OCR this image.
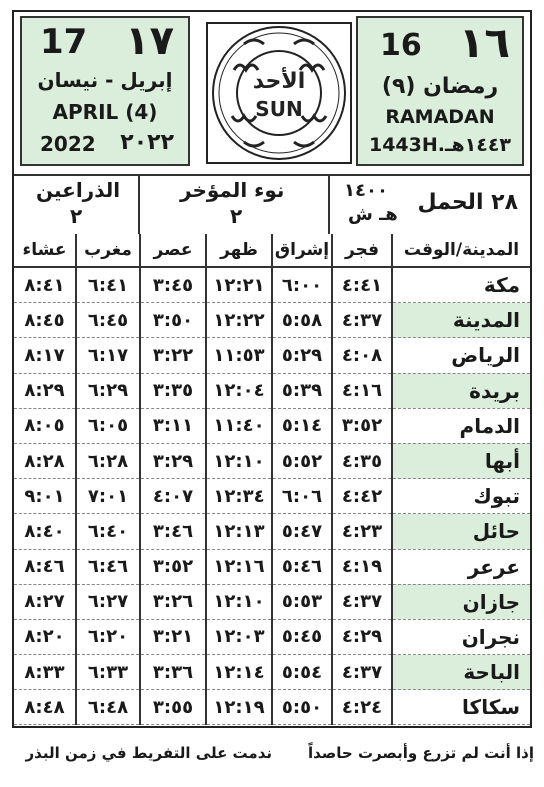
17 ١٧
إبريل - نيسان
APRIL (4)
2022 ٢٠٢٢
الأحد
SUN
16 ١٦
رمضان (٩)
RAMADAN
1443H.١٤٤٣هـ
الذراعين
٢
نوء المؤخر
٢
١٤٠٠
هـ ش ٢٨ الحمل
عشاء	مغرب	عصر	ظهر	إشراق	فجر	المدينة/الوقت
٨:٤١	٦:٤١	٣:٤٥	١٢:٢١	٦:٠٠	٤:٤١	مكة
٨:٤٥	٦:٤٥	٣:٥٠	١٢:٢٢	٥:٥٨	٤:٣٧	المدينة
٨:١٧	٦:١٧	٣:٢٢	١١:٥٣	٥:٢٩	٤:٠٨	الرياض
٨:٢٩	٦:٢٩	٣:٣٥	١٢:٠٤	٥:٣٩	٤:١٦	بريدة
٨:٠٥	٦:٠٥	٣:١١	١١:٤٠	٥:١٤	٣:٥٢	الدمام
٨:٢٨	٦:٢٨	٣:٢٩	١٢:١٠	٥:٥٢	٤:٣٥	أبها
٩:٠١	٧:٠١	٤:٠٧	١٢:٣٤	٦:٠٦	٤:٤٢	تبوك
٨:٤٠	٦:٤٠	٣:٤٦	١٢:١٣	٥:٤٧	٤:٢٣	حائل
٨:٤٦	٦:٤٦	٣:٥٢	١٢:١٦	٥:٤٦	٤:١٩	عرعر
٨:٢٧	٦:٢٧	٣:٢٦	١٢:١٠	٥:٥٣	٤:٣٧	جازان
٨:٢٠	٦:٢٠	٣:٢١	١٢:٠٣	٥:٤٥	٤:٢٩	نجران
٨:٣٣	٦:٣٣	٣:٣٦	١٢:١٤	٥:٥٤	٤:٣٧	الباحة
٨:٤٨	٦:٤٨	٣:٥٥	١٢:١٩	٥:٥٠	٤:٢٤	سكاكا
إذا أنت لم تزرع وأبصرت حاصداً
ندمت على التفريط في زمن البذر
